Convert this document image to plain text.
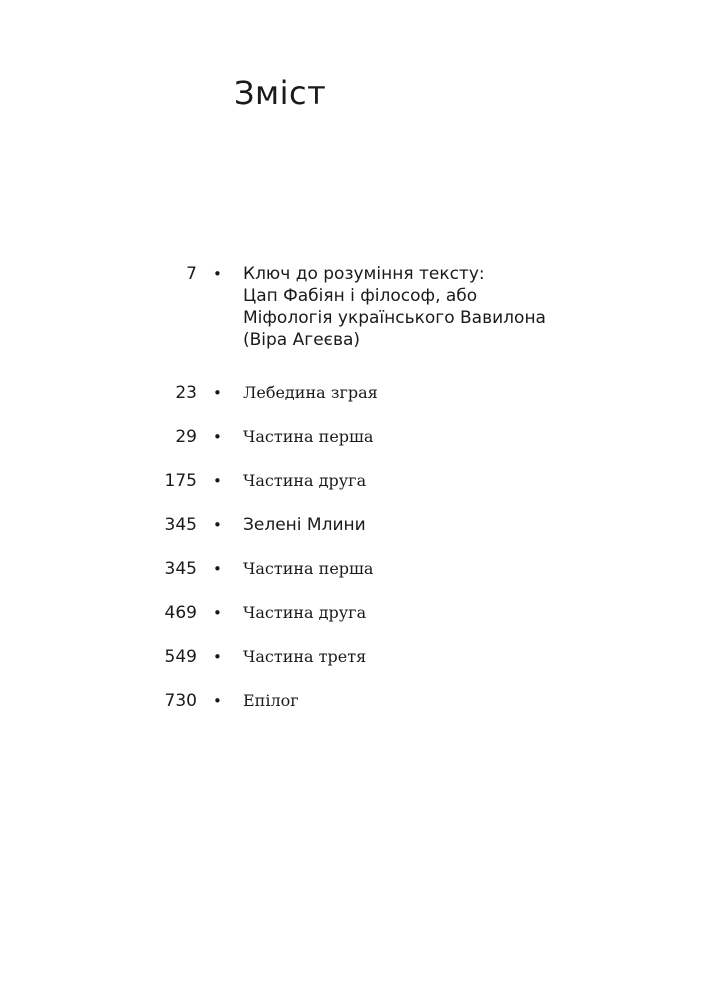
Зміст
7 • Ключ до розуміння тексту:
Цап Фабіян і філософ, або
Міфологія українського Вавилона
(Віра Агеєва)
23 • Лебедина зграя
29 • Частина перша
175 • Частина друга
345 • Зелені Млини
345 • Частина перша
469 • Частина друга
549 • Частина третя
730 • Епілог
